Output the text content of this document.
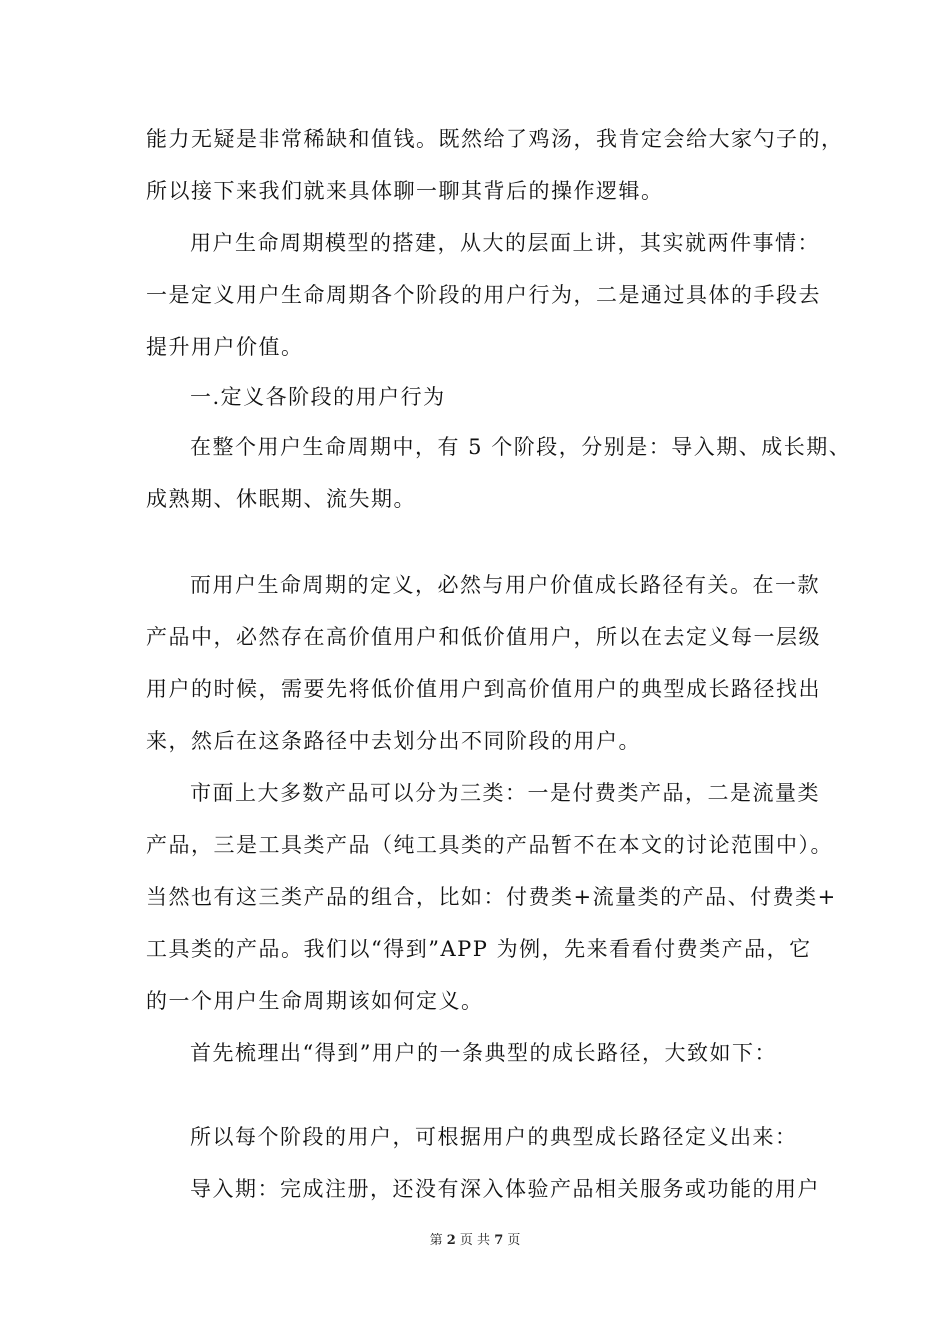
能力无疑是非常稀缺和值钱。既然给了鸡汤，我肯定会给大家勺子的，
所以接下来我们就来具体聊一聊其背后的操作逻辑。
用户生命周期模型的搭建，从大的层面上讲，其实就两件事情：
一是定义用户生命周期各个阶段的用户行为，二是通过具体的手段去
提升用户价值。
一.定义各阶段的用户行为
在整个用户生命周期中，有 5 个阶段，分别是：导入期、成长期、
成熟期、休眠期、流失期。
而用户生命周期的定义，必然与用户价值成长路径有关。在一款
产品中，必然存在高价值用户和低价值用户，所以在去定义每一层级
用户的时候，需要先将低价值用户到高价值用户的典型成长路径找出
来，然后在这条路径中去划分出不同阶段的用户。
市面上大多数产品可以分为三类：一是付费类产品，二是流量类
产品，三是工具类产品（纯工具类的产品暂不在本文的讨论范围中）。
当然也有这三类产品的组合，比如：付费类+流量类的产品、付费类+
工具类的产品。我们以“得到”APP 为例，先来看看付费类产品，它
的一个用户生命周期该如何定义。
首先梳理出“得到”用户的一条典型的成长路径，大致如下：
所以每个阶段的用户，可根据用户的典型成长路径定义出来：
导入期：完成注册，还没有深入体验产品相关服务或功能的用户
第 2 页 共 7 页
